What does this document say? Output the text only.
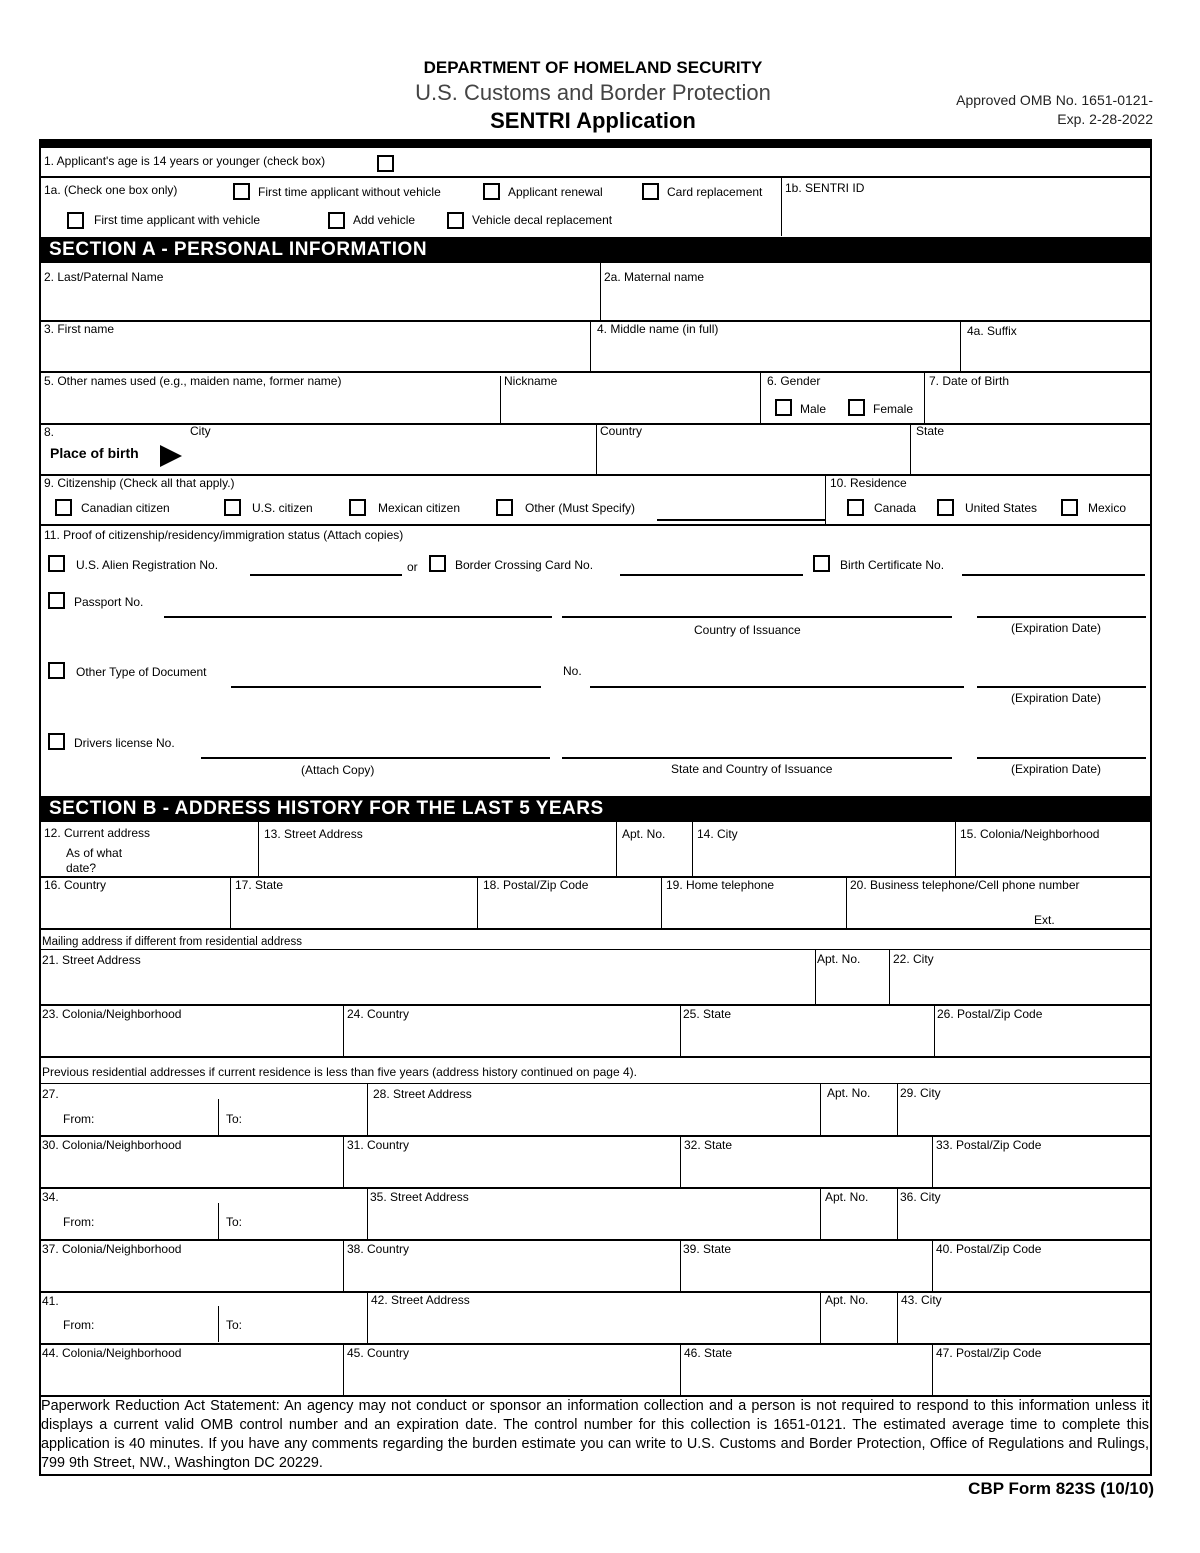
DEPARTMENT OF HOMELAND SECURITY
U.S. Customs and Border Protection
SENTRI Application
Approved OMB No. 1651-0121-
Exp. 2-28-2022
1. Applicant's age is 14 years or younger (check box)
1a. (Check one box only)	First time applicant without vehicle	Applicant renewal	Card replacement 1b. SENTRI ID
First time applicant with vehicle	Add vehicle	Vehicle decal replacement
SECTION A - PERSONAL INFORMATION
2. Last/Paternal Name	2a. Maternal name
3. First name	4. Middle name (in full)	4a. Suffix
5. Other names used (e.g., maiden name, former name)	Nickname	6. Gender
Male	Female
7. Date of Birth
8.	City
Place of birth
Country	State
9. Citizenship (Check all that apply.)
Canadian citizen	U.S. citizen	Mexican citizen	Other (Must Specify)
10. Residence
Canada	United States	Mexico
11. Proof of citizenship/residency/immigration status (Attach copies)
U.S. Alien Registration No.	or	Border Crossing Card No.	Birth Certificate No.
Passport No.
Country of Issuance	(Expiration Date)
Other Type of Document	No.
(Expiration Date)
Drivers license No.
(Attach Copy)	State and Country of Issuance	(Expiration Date)
SECTION B - ADDRESS HISTORY FOR THE LAST 5 YEARS
12. Current address
As of what
date?
13. Street Address	Apt. No.	14. City	15. Colonia/Neighborhood
16. Country	17. State	18. Postal/Zip Code	19. Home telephone	20. Business telephone/Cell phone number
Ext.
Mailing address if different from residential address
21. Street Address	Apt. No.	22. City
23. Colonia/Neighborhood	24. Country	25. State	26. Postal/Zip Code
Previous residential addresses if current residence is less than five years (address history continued on page 4).
27.
From:	To:
28. Street Address	Apt. No. 29. City
30. Colonia/Neighborhood	31. Country	32. State	33. Postal/Zip Code
34.
From:	To:
35. Street Address	Apt. No.	36. City
37. Colonia/Neighborhood	38. Country	39. State	40. Postal/Zip Code
41.
From:	To:
42. Street Address	Apt. No.	43. City
44. Colonia/Neighborhood	45. Country	46. State	47. Postal/Zip Code
Paperwork Reduction Act Statement: An agency may not conduct or sponsor an information collection and a person is not required to respond to this information unless it displays a current valid OMB control number and an expiration date. The control number for this collection is 1651-0121. The estimated average time to complete this application is 40 minutes. If you have any comments regarding the burden estimate you can write to U.S. Customs and Border Protection, Office of Regulations and Rulings, 799 9th Street, NW., Washington DC 20229.
CBP Form 823S (10/10)
